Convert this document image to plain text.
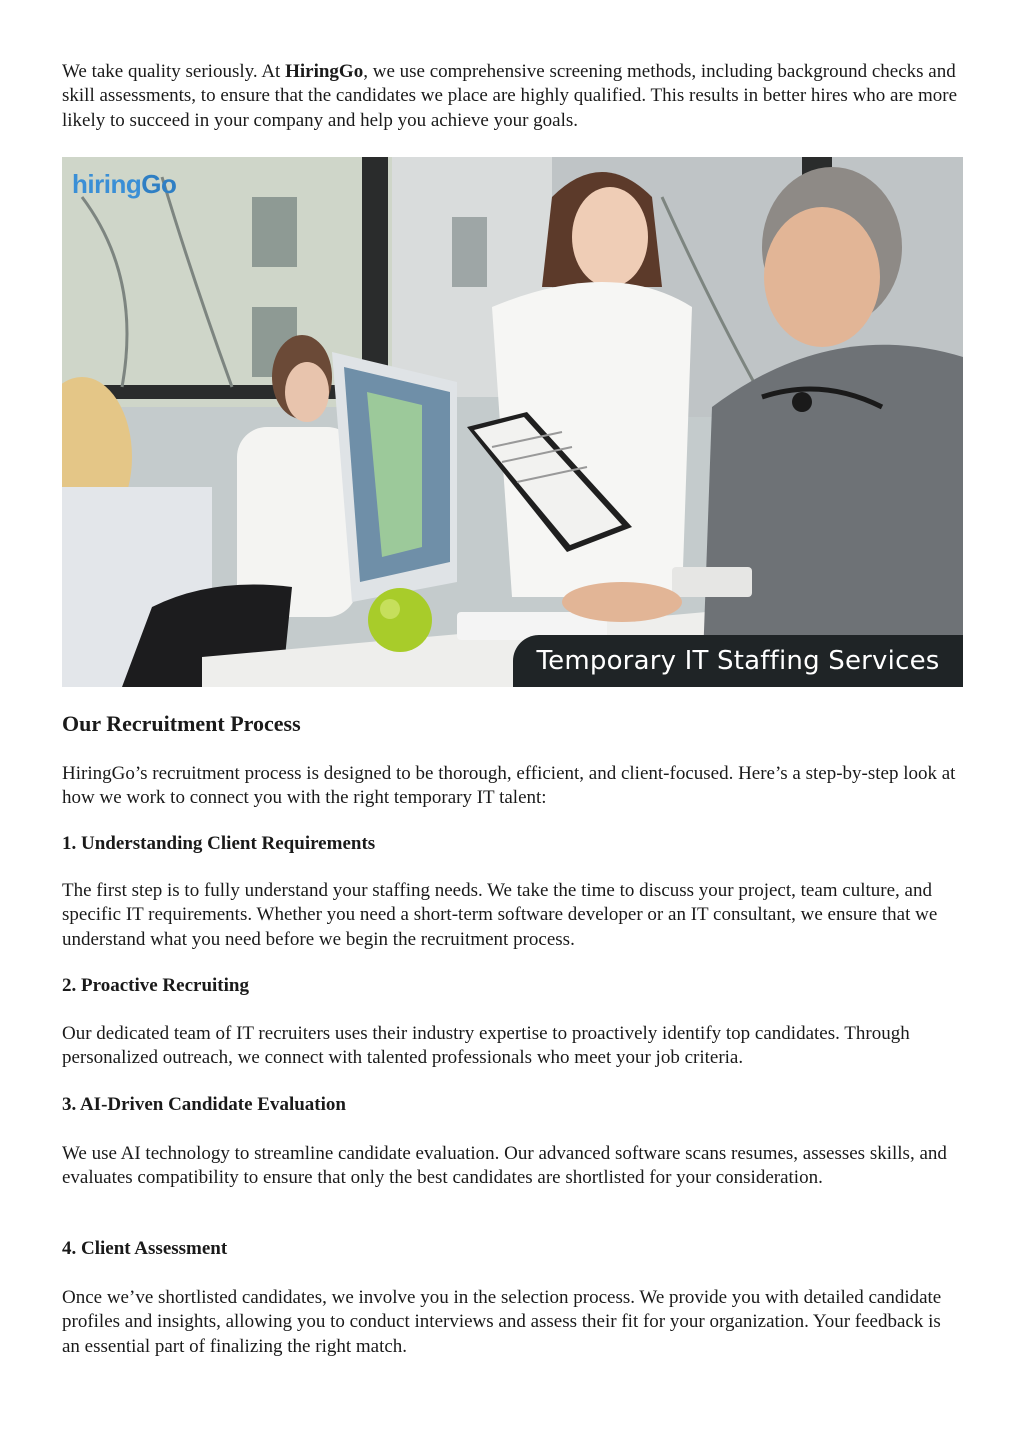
We take quality seriously. At HiringGo, we use comprehensive screening methods, including background checks and skill assessments, to ensure that the candidates we place are highly qualified. This results in better hires who are more likely to succeed in your company and help you achieve your goals.

hiringGo
Temporary IT Staffing Services
Our Recruitment Process

HiringGo’s recruitment process is designed to be thorough, efficient, and client-focused. Here’s a step-by-step look at how we work to connect you with the right temporary IT talent:

1. Understanding Client Requirements

The first step is to fully understand your staffing needs. We take the time to discuss your project, team culture, and specific IT requirements. Whether you need a short-term software developer or an IT consultant, we ensure that we understand what you need before we begin the recruitment process.

2. Proactive Recruiting

Our dedicated team of IT recruiters uses their industry expertise to proactively identify top candidates. Through personalized outreach, we connect with talented professionals who meet your job criteria.

3. AI-Driven Candidate Evaluation

We use AI technology to streamline candidate evaluation. Our advanced software scans resumes, assesses skills, and evaluates compatibility to ensure that only the best candidates are shortlisted for your consideration.

4. Client Assessment

Once we’ve shortlisted candidates, we involve you in the selection process. We provide you with detailed candidate profiles and insights, allowing you to conduct interviews and assess their fit for your organization. Your feedback is an essential part of finalizing the right match.
